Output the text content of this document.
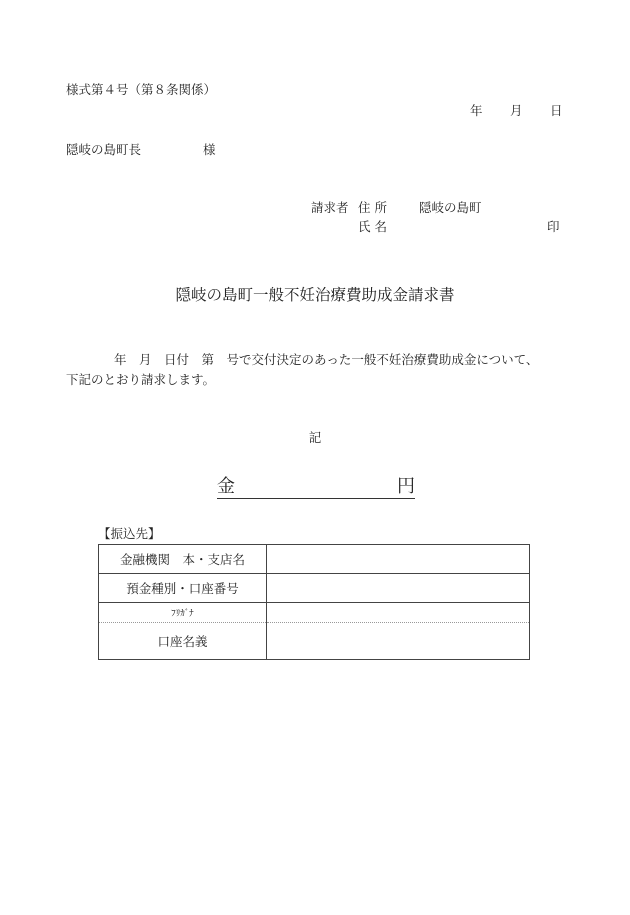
様式第４号（第８条関係）
年 月 日
隠岐の島町長	様
請求者 住 所	隠岐の島町
氏 名	印
隠岐の島町一般不妊治療費助成金請求書
年　月　日付　第　号で交付決定のあった一般不妊治療費助成金について、
下記のとおり請求します。
記
金	円
【振込先】
金融機関　本・支店名	
預金種別・口座番号	
ﾌﾘｶﾞﾅ	
口座名義	
